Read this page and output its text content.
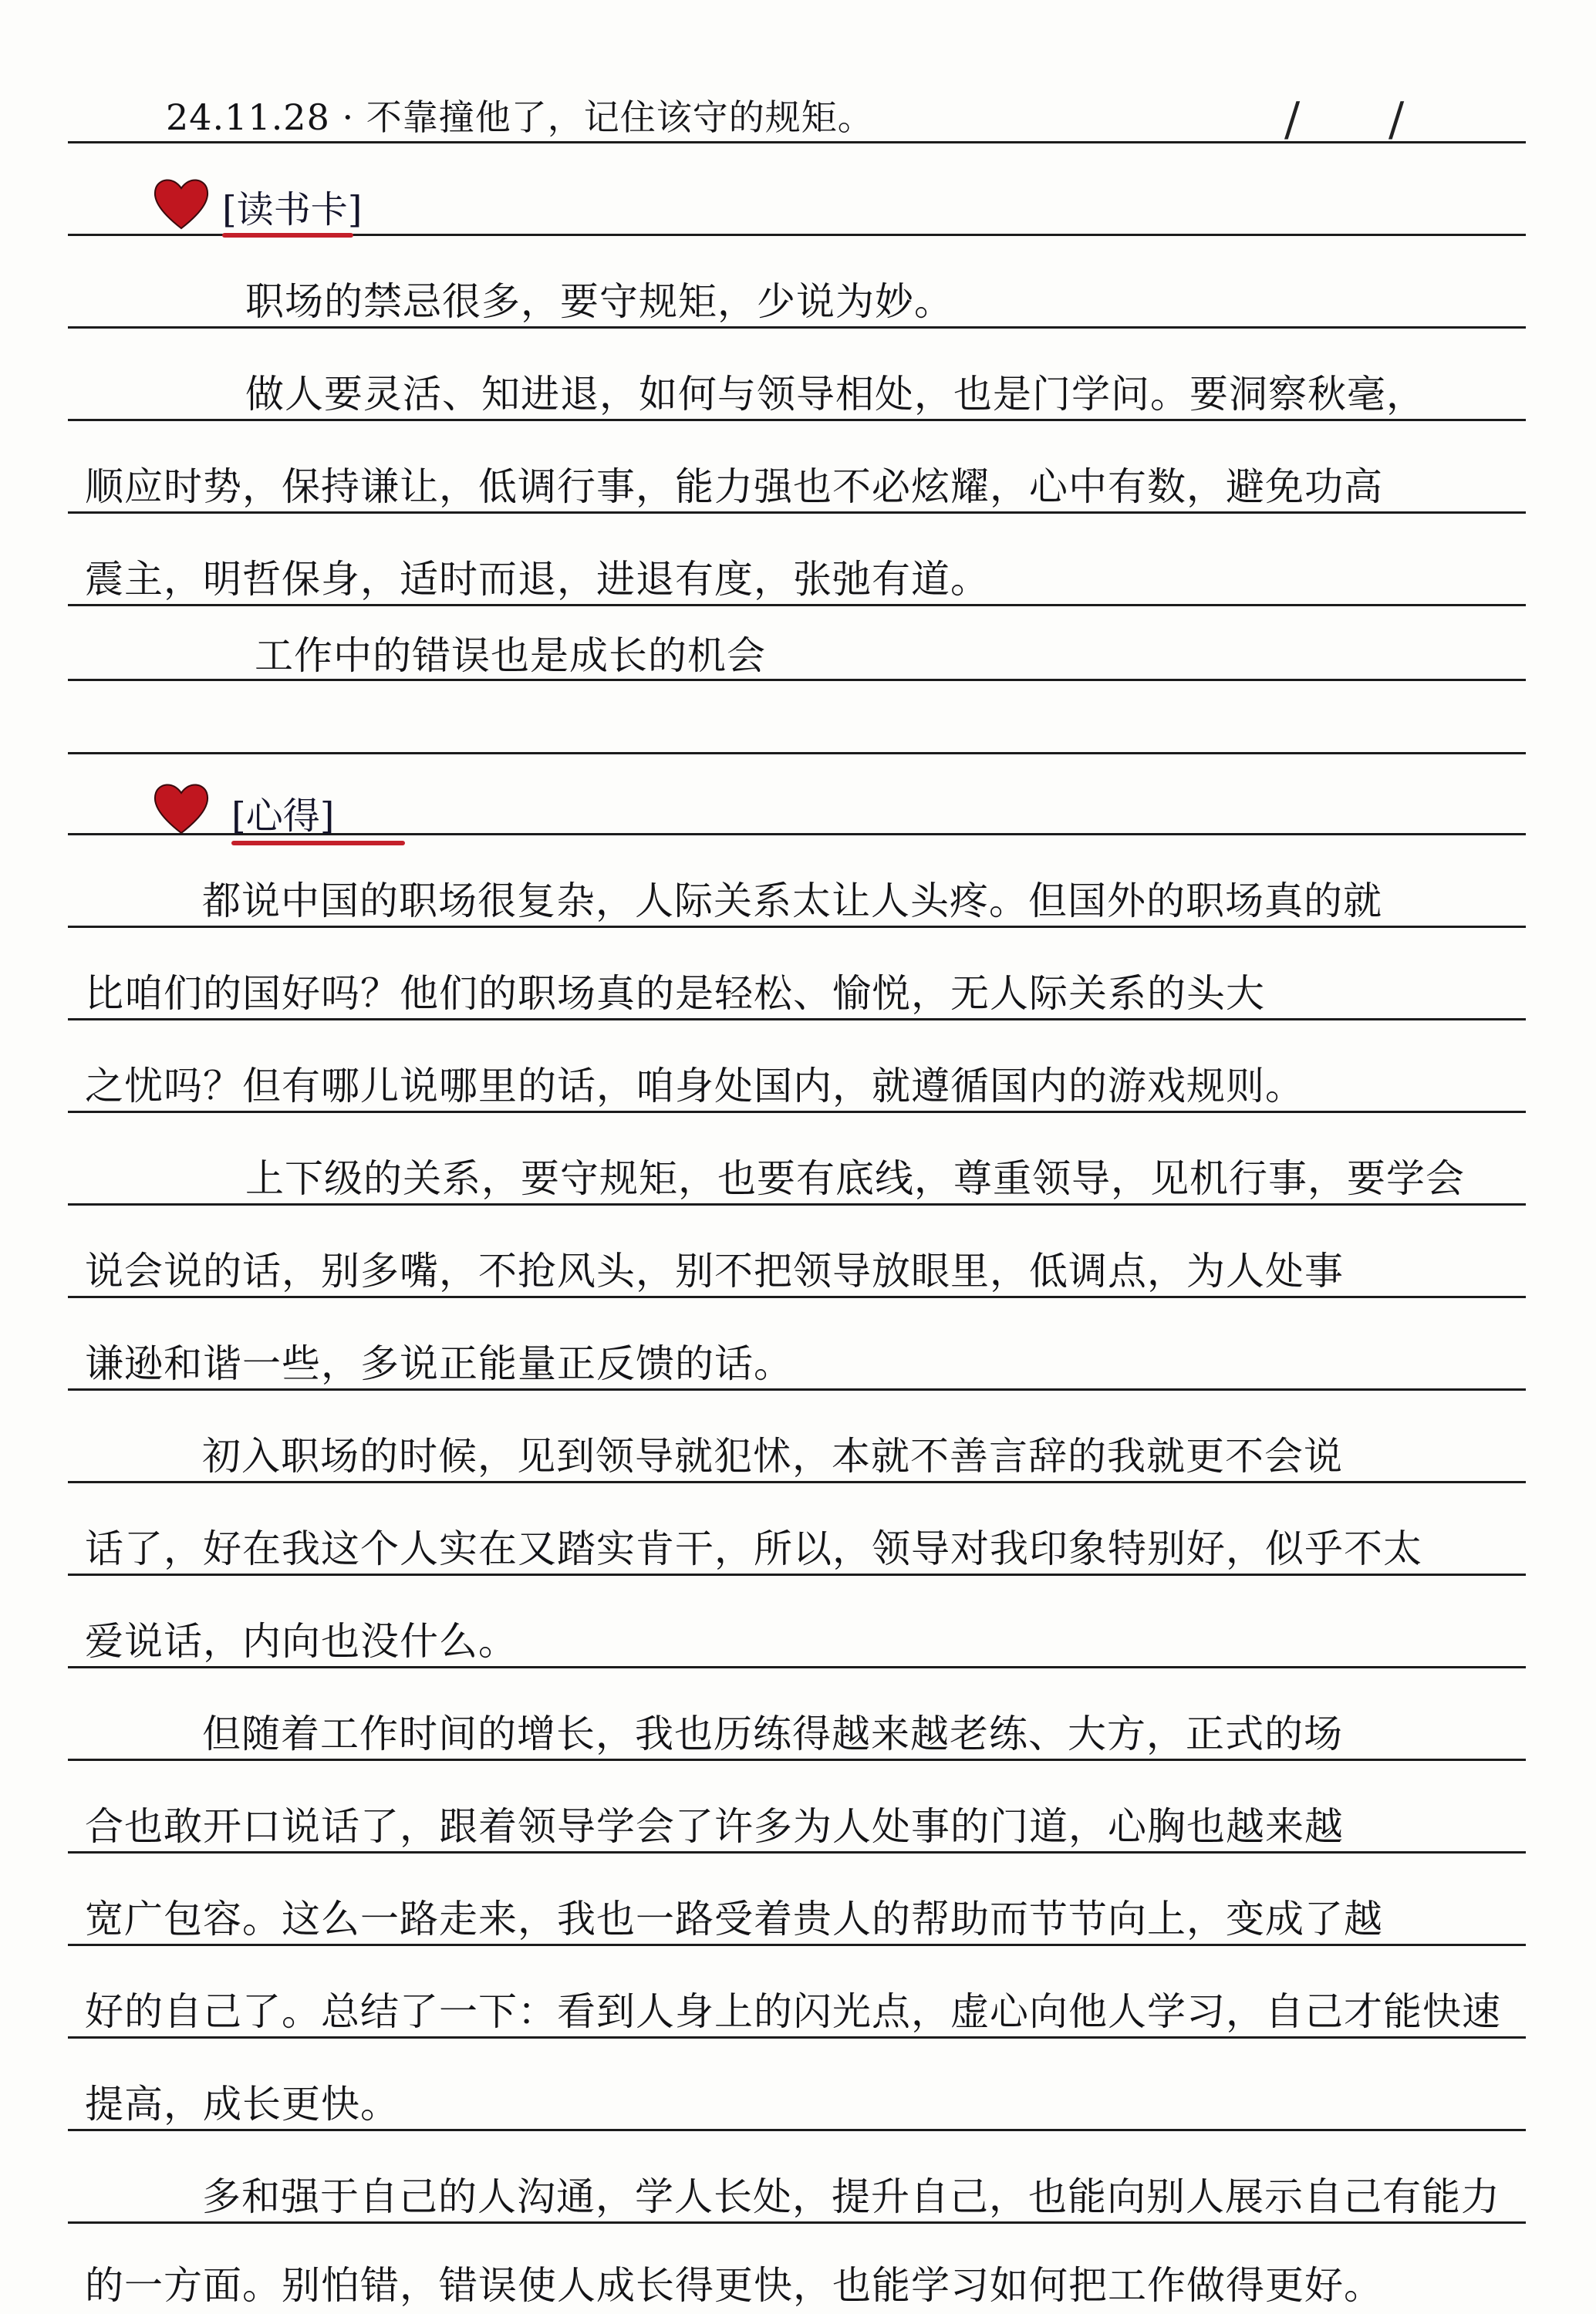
24.11.28 · 不靠撞他了，记住该守的规矩。	/ /
[读书卡]
职场的禁忌很多，要守规矩，少说为妙。
做人要灵活、知进退，如何与领导相处，也是门学问。要洞察秋毫，
顺应时势，保持谦让，低调行事，能力强也不必炫耀，心中有数，避免功高
震主，明哲保身，适时而退，进退有度，张弛有道。
工作中的错误也是成长的机会
[心得]
都说中国的职场很复杂，人际关系太让人头疼。但国外的职场真的就
比咱们的国好吗？他们的职场真的是轻松、愉悦，无人际关系的头大
之忧吗？但有哪儿说哪里的话，咱身处国内，就遵循国内的游戏规则。
上下级的关系，要守规矩，也要有底线，尊重领导，见机行事，要学会
说会说的话，别多嘴，不抢风头，别不把领导放眼里，低调点，为人处事
谦逊和谐一些，多说正能量正反馈的话。
初入职场的时候，见到领导就犯怵，本就不善言辞的我就更不会说
话了，好在我这个人实在又踏实肯干，所以，领导对我印象特别好，似乎不太
爱说话，内向也没什么。
但随着工作时间的增长，我也历练得越来越老练、大方，正式的场
合也敢开口说话了，跟着领导学会了许多为人处事的门道，心胸也越来越
宽广包容。这么一路走来，我也一路受着贵人的帮助而节节向上，变成了越
好的自己了。总结了一下：看到人身上的闪光点，虚心向他人学习，自己才能快速
提高，成长更快。
多和强于自己的人沟通，学人长处，提升自己，也能向别人展示自己有能力
的一方面。别怕错，错误使人成长得更快，也能学习如何把工作做得更好。
